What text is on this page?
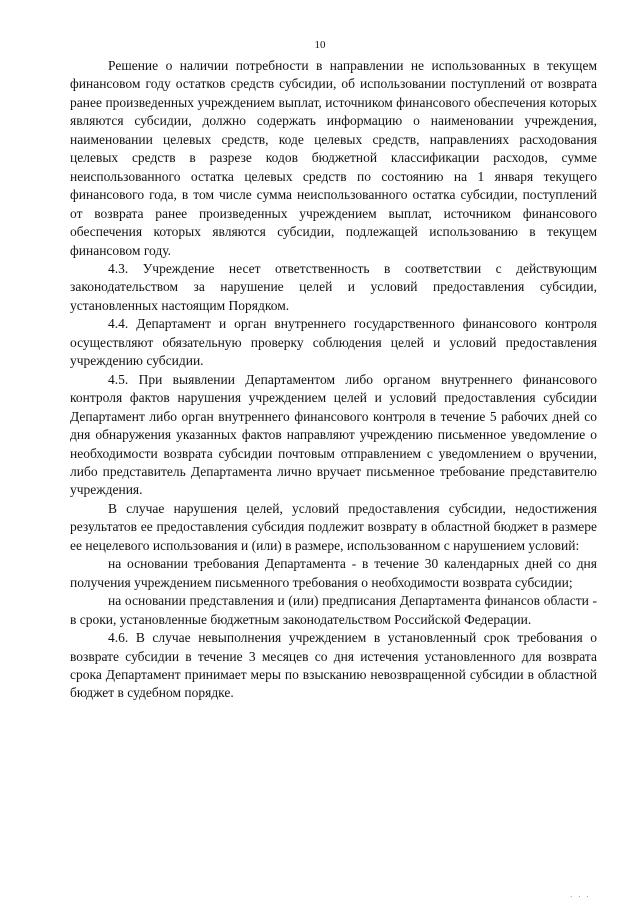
10

Решение о наличии потребности в направлении не использованных в текущем финансовом году остатков средств субсидии, об использовании поступлений от возврата ранее произведенных учреждением выплат, источником финансового обеспечения которых являются субсидии, должно содержать информацию о наименовании учреждения, наименовании целевых средств, коде целевых средств, направлениях расходования целевых средств в разрезе кодов бюджетной классификации расходов, сумме неиспользованного остатка целевых средств по состоянию на 1 января текущего финансового года, в том числе сумма неиспользованного остатка субсидии, поступлений от возврата ранее произведенных учреждением выплат, источником финансового обеспечения которых являются субсидии, подлежащей использованию в текущем финансовом году.

4.3. Учреждение несет ответственность в соответствии с действующим законодательством за нарушение целей и условий предоставления субсидии, установленных настоящим Порядком.

4.4. Департамент и орган внутреннего государственного финансового контроля осуществляют обязательную проверку соблюдения целей и условий предоставления учреждению субсидии.

4.5. При выявлении Департаментом либо органом внутреннего финансового контроля фактов нарушения учреждением целей и условий предоставления субсидии Департамент либо орган внутреннего финансового контроля в течение 5 рабочих дней со дня обнаружения указанных фактов направляют учреждению письменное уведомление о необходимости возврата субсидии почтовым отправлением с уведомлением о вручении, либо представитель Департамента лично вручает письменное требование представителю учреждения.

В случае нарушения целей, условий предоставления субсидии, недостижения результатов ее предоставления субсидия подлежит возврату в областной бюджет в размере ее нецелевого использования и (или) в размере, использованном с нарушением условий:

на основании требования Департамента - в течение 30 календарных дней со дня получения учреждением письменного требования о необходимости возврата субсидии;

на основании представления и (или) предписания Департамента финансов области - в сроки, установленные бюджетным законодательством Российской Федерации.

4.6. В случае невыполнения учреждением в установленный срок требования о возврате субсидии в течение 3 месяцев со дня истечения установленного для возврата срока Департамент принимает меры по взысканию невозвращенной субсидии в областной бюджет в судебном порядке.

· · ·
